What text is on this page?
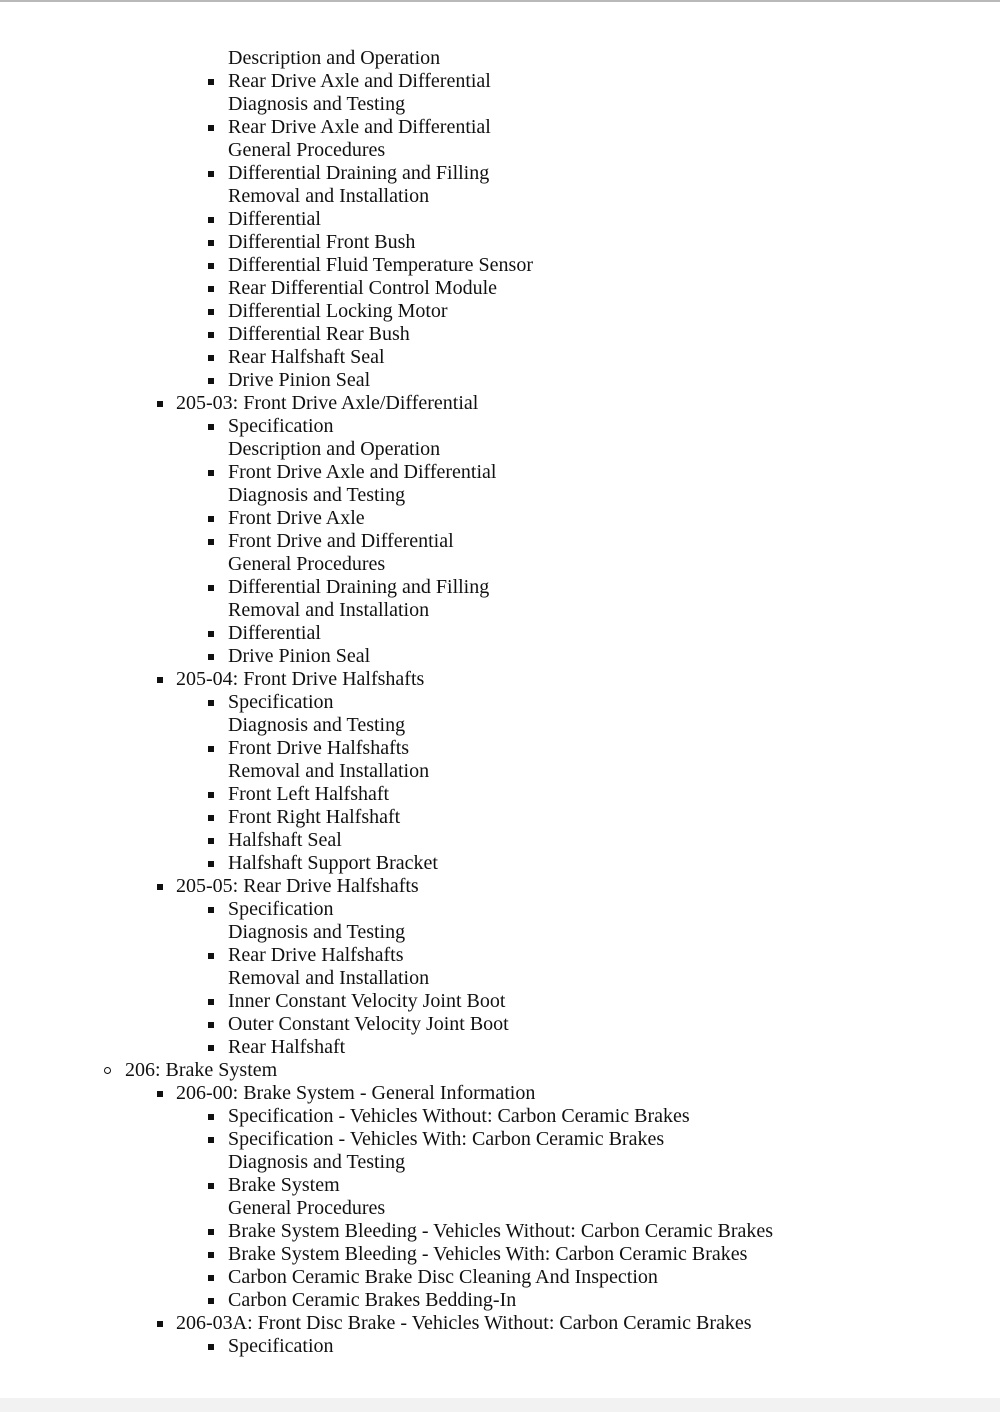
Description and Operation
Rear Drive Axle and Differential
Diagnosis and Testing
Rear Drive Axle and Differential
General Procedures
Differential Draining and Filling
Removal and Installation
Differential
Differential Front Bush
Differential Fluid Temperature Sensor
Rear Differential Control Module
Differential Locking Motor
Differential Rear Bush
Rear Halfshaft Seal
Drive Pinion Seal
205-03: Front Drive Axle/Differential
Specification
Description and Operation
Front Drive Axle and Differential
Diagnosis and Testing
Front Drive Axle
Front Drive and Differential
General Procedures
Differential Draining and Filling
Removal and Installation
Differential
Drive Pinion Seal
205-04: Front Drive Halfshafts
Specification
Diagnosis and Testing
Front Drive Halfshafts
Removal and Installation
Front Left Halfshaft
Front Right Halfshaft
Halfshaft Seal
Halfshaft Support Bracket
205-05: Rear Drive Halfshafts
Specification
Diagnosis and Testing
Rear Drive Halfshafts
Removal and Installation
Inner Constant Velocity Joint Boot
Outer Constant Velocity Joint Boot
Rear Halfshaft
206: Brake System
206-00: Brake System - General Information
Specification - Vehicles Without: Carbon Ceramic Brakes
Specification - Vehicles With: Carbon Ceramic Brakes
Diagnosis and Testing
Brake System
General Procedures
Brake System Bleeding - Vehicles Without: Carbon Ceramic Brakes
Brake System Bleeding - Vehicles With: Carbon Ceramic Brakes
Carbon Ceramic Brake Disc Cleaning And Inspection
Carbon Ceramic Brakes Bedding-In
206-03A: Front Disc Brake - Vehicles Without: Carbon Ceramic Brakes
Specification
